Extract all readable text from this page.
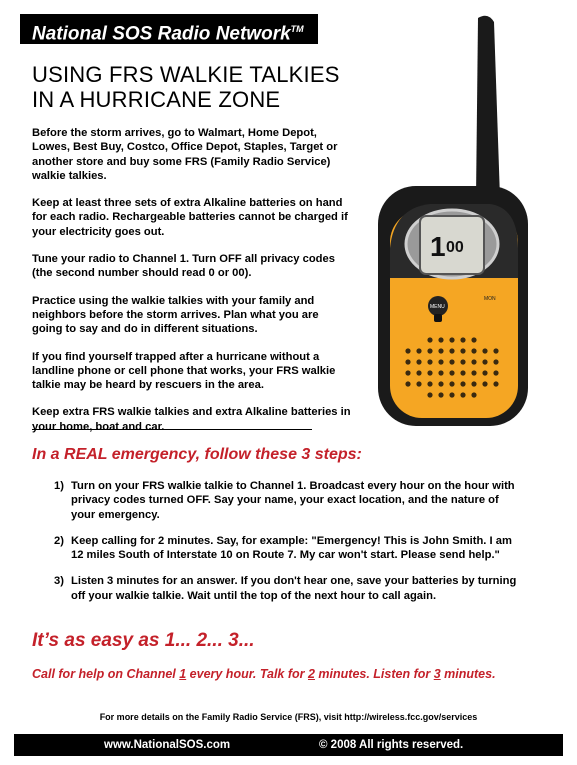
National SOS Radio Network™
USING FRS WALKIE TALKIES
IN A HURRICANE ZONE

Before the storm arrives, go to Walmart, Home Depot, Lowes, Best Buy, Costco, Office Depot, Staples, Target or another store and buy some FRS (Family Radio Service) walkie talkies.

Keep at least three sets of extra Alkaline batteries on hand for each radio. Rechargeable batteries cannot be charged if your electricity goes out.

Tune your radio to Channel 1. Turn OFF all privacy codes (the second number should read 0 or 00).

Practice using the walkie talkies with your family and neighbors before the storm arrives. Plan what you are going to say and do in different situations.

If you find yourself trapped after a hurricane without a landline phone or cell phone that works, your FRS walkie talkie may be heard by rescuers in the area.

Keep extra FRS walkie talkies and extra Alkaline batteries in your home, boat and car.

1 00
MENU
MON
In a REAL emergency, follow these 3 steps:
1) Turn on your FRS walkie talkie to Channel 1. Broadcast every hour on the hour with privacy codes turned OFF. Say your name, your exact location, and the nature of your emergency.
2) Keep calling for 2 minutes. Say, for example: "Emergency! This is John Smith. I am 12 miles South of Interstate 10 on Route 7. My car won't start. Please send help."
3) Listen 3 minutes for an answer. If you don't hear one, save your batteries by turning off your walkie talkie. Wait until the top of the next hour to call again.
It’s as easy as 1... 2... 3...
Call for help on Channel 1 every hour. Talk for 2 minutes. Listen for 3 minutes.
For more details on the Family Radio Service (FRS), visit http://wireless.fcc.gov/services
www.NationalSOS.com	© 2008 All rights reserved.
